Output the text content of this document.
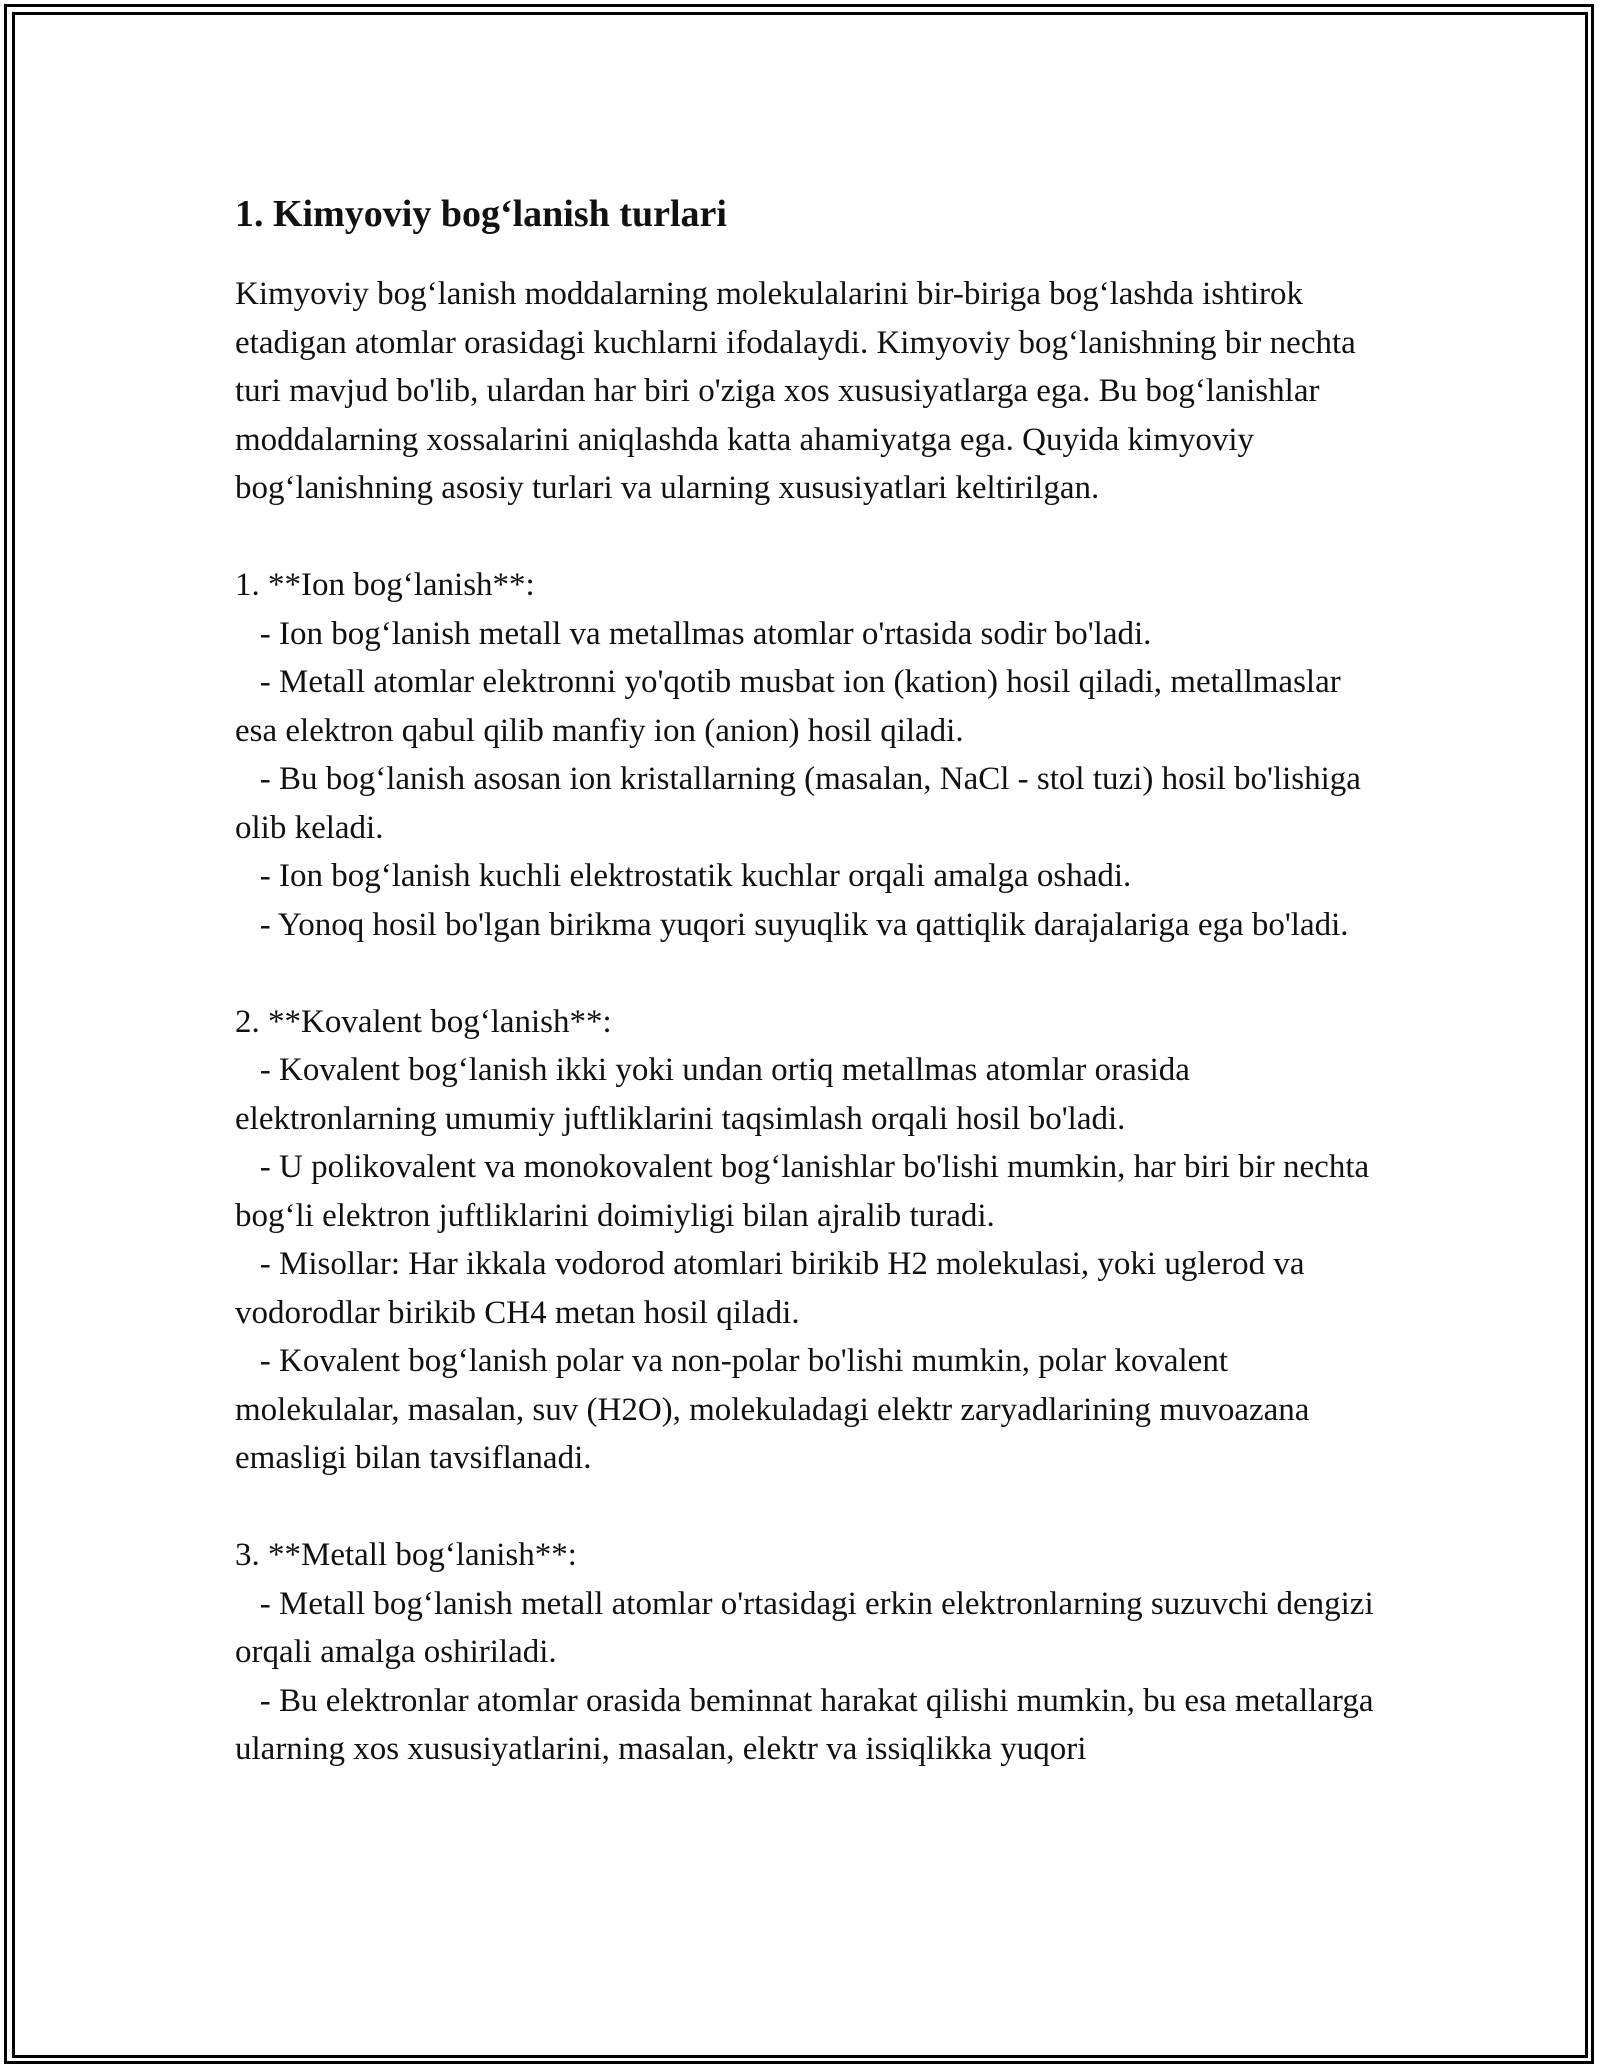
1. Kimyoviy bog‘lanish turlari

Kimyoviy bog‘lanish moddalarning molekulalarini bir-biriga bog‘lashda ishtirok etadigan atomlar orasidagi kuchlarni ifodalaydi. Kimyoviy bog‘lanishning bir nechta turi mavjud bo'lib, ulardan har biri o'ziga xos xususiyatlarga ega. Bu bog‘lanishlar moddalarning xossalarini aniqlashda katta ahamiyatga ega. Quyida kimyoviy bog‘lanishning asosiy turlari va ularning xususiyatlari keltirilgan.

1. **Ion bog‘lanish**:

- Ion bog‘lanish metall va metallmas atomlar o'rtasida sodir bo'ladi.

- Metall atomlar elektronni yo'qotib musbat ion (kation) hosil qiladi, metallmaslar esa elektron qabul qilib manfiy ion (anion) hosil qiladi.

- Bu bog‘lanish asosan ion kristallarning (masalan, NaCl - stol tuzi) hosil bo'lishiga olib keladi.

- Ion bog‘lanish kuchli elektrostatik kuchlar orqali amalga oshadi.

- Yonoq hosil bo'lgan birikma yuqori suyuqlik va qattiqlik darajalariga ega bo'ladi.

2. **Kovalent bog‘lanish**:

- Kovalent bog‘lanish ikki yoki undan ortiq metallmas atomlar orasida elektronlarning umumiy juftliklarini taqsimlash orqali hosil bo'ladi.

- U polikovalent va monokovalent bog‘lanishlar bo'lishi mumkin, har biri bir nechta bog‘li elektron juftliklarini doimiyligi bilan ajralib turadi.

- Misollar: Har ikkala vodorod atomlari birikib H2 molekulasi, yoki uglerod va vodorodlar birikib CH4 metan hosil qiladi.

- Kovalent bog‘lanish polar va non-polar bo'lishi mumkin, polar kovalent molekulalar, masalan, suv (H2O), molekuladagi elektr zaryadlarining muvoazana emasligi bilan tavsiflanadi.

3. **Metall bog‘lanish**:

- Metall bog‘lanish metall atomlar o'rtasidagi erkin elektronlarning suzuvchi dengizi orqali amalga oshiriladi.

- Bu elektronlar atomlar orasida beminnat harakat qilishi mumkin, bu esa metallarga ularning xos xususiyatlarini, masalan, elektr va issiqlikka yuqori
